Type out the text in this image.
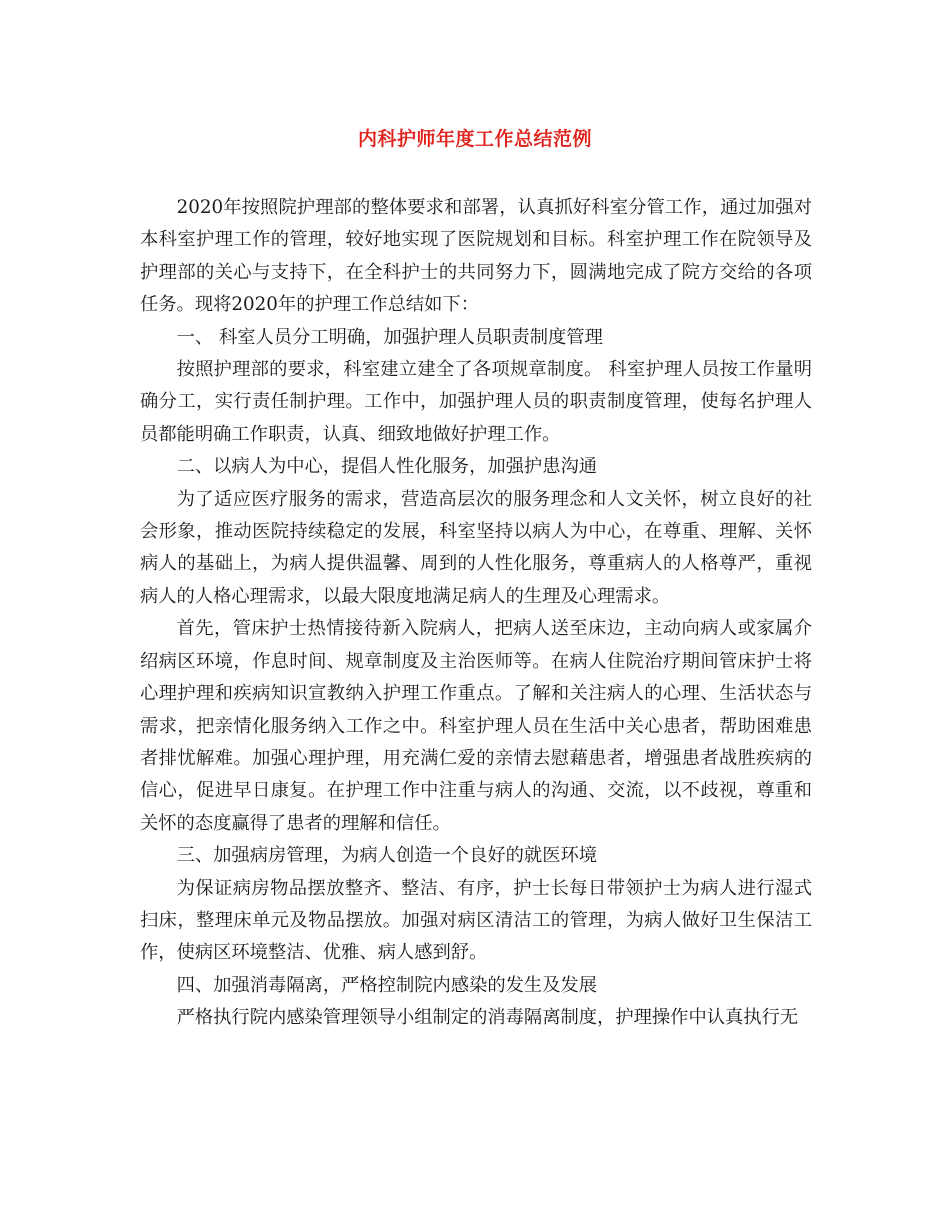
内科护师年度工作总结范例

2020年按照院护理部的整体要求和部署，认真抓好科室分管工作，通过加强对本科室护理工作的管理，较好地实现了医院规划和目标。科室护理工作在院领导及护理部的关心与支持下，在全科护士的共同努力下，圆满地完成了院方交给的各项任务。现将2020年的护理工作总结如下：

一、 科室人员分工明确，加强护理人员职责制度管理

按照护理部的要求，科室建立建全了各项规章制度。 科室护理人员按工作量明确分工，实行责任制护理。工作中，加强护理人员的职责制度管理，使每名护理人员都能明确工作职责，认真、细致地做好护理工作。

二、以病人为中心，提倡人性化服务，加强护患沟通

为了适应医疗服务的需求，营造高层次的服务理念和人文关怀，树立良好的社会形象，推动医院持续稳定的发展，科室坚持以病人为中心，在尊重、理解、关怀病人的基础上，为病人提供温馨、周到的人性化服务，尊重病人的人格尊严，重视病人的人格心理需求，以最大限度地满足病人的生理及心理需求。

首先，管床护士热情接待新入院病人，把病人送至床边，主动向病人或家属介绍病区环境，作息时间、规章制度及主治医师等。在病人住院治疗期间管床护士将心理护理和疾病知识宣教纳入护理工作重点。了解和关注病人的心理、生活状态与需求，把亲情化服务纳入工作之中。科室护理人员在生活中关心患者，帮助困难患者排忧解难。加强心理护理，用充满仁爱的亲情去慰藉患者，增强患者战胜疾病的信心，促进早日康复。在护理工作中注重与病人的沟通、交流，以不歧视，尊重和关怀的态度赢得了患者的理解和信任。

三、加强病房管理，为病人创造一个良好的就医环境

为保证病房物品摆放整齐、整洁、有序，护士长每日带领护士为病人进行湿式扫床，整理床单元及物品摆放。加强对病区清洁工的管理，为病人做好卫生保洁工作，使病区环境整洁、优雅、病人感到舒。

四、加强消毒隔离，严格控制院内感染的发生及发展

严格执行院内感染管理领导小组制定的消毒隔离制度，护理操作中认真执行无
